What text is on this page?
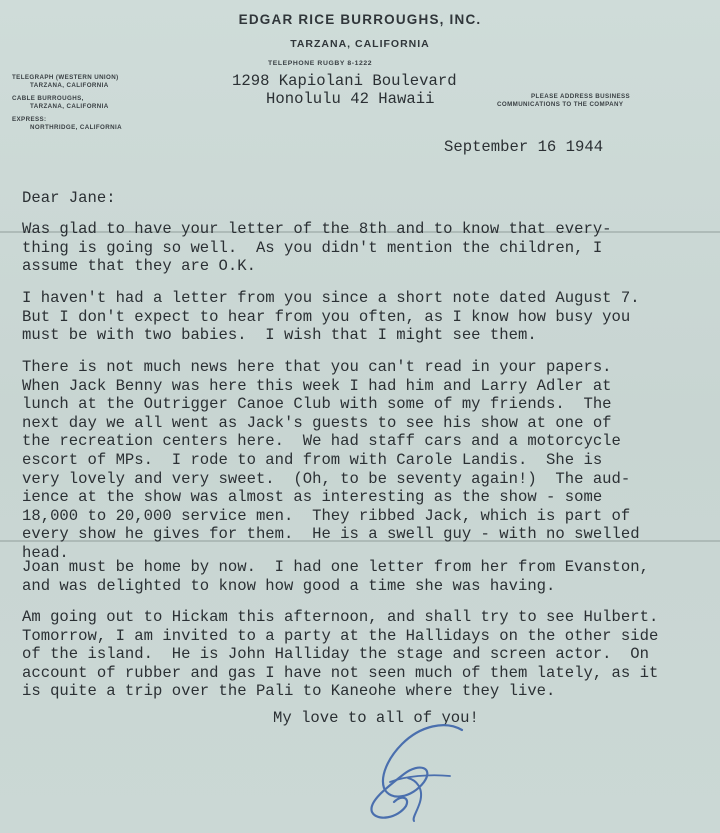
EDGAR RICE BURROUGHS, INC.
TARZANA, CALIFORNIA
TELEPHONE RUGBY 8-1222
TELEGRAPH (WESTERN UNION)
TARZANA, CALIFORNIA
CABLE BURROUGHS,
TARZANA, CALIFORNIA
EXPRESS:
NORTHRIDGE, CALIFORNIA
PLEASE ADDRESS BUSINESS
COMMUNICATIONS TO THE COMPANY
1298 Kapiolani Boulevard
Honolulu 42 Hawaii
September 16 1944
Dear Jane:

Was glad to have your letter of the 8th and to know that every-
thing is going so well.  As you didn't mention the children, I
assume that they are O.K.

I haven't had a letter from you since a short note dated August 7.
But I don't expect to hear from you often, as I know how busy you
must be with two babies.  I wish that I might see them.

There is not much news here that you can't read in your papers.
When Jack Benny was here this week I had him and Larry Adler at
lunch at the Outrigger Canoe Club with some of my friends.  The
next day we all went as Jack's guests to see his show at one of
the recreation centers here.  We had staff cars and a motorcycle
escort of MPs.  I rode to and from with Carole Landis.  She is
very lovely and very sweet.  (Oh, to be seventy again!)  The aud-
ience at the show was almost as interesting as the show - some
18,000 to 20,000 service men.  They ribbed Jack, which is part of
every show he gives for them.  He is a swell guy - with no swelled
head.

Joan must be home by now.  I had one letter from her from Evanston,
and was delighted to know how good a time she was having.

Am going out to Hickam this afternoon, and shall try to see Hulbert.
Tomorrow, I am invited to a party at the Hallidays on the other side
of the island.  He is John Halliday the stage and screen actor.  On
account of rubber and gas I have not seen much of them lately, as it
is quite a trip over the Pali to Kaneohe where they live.

My love to all of you!
